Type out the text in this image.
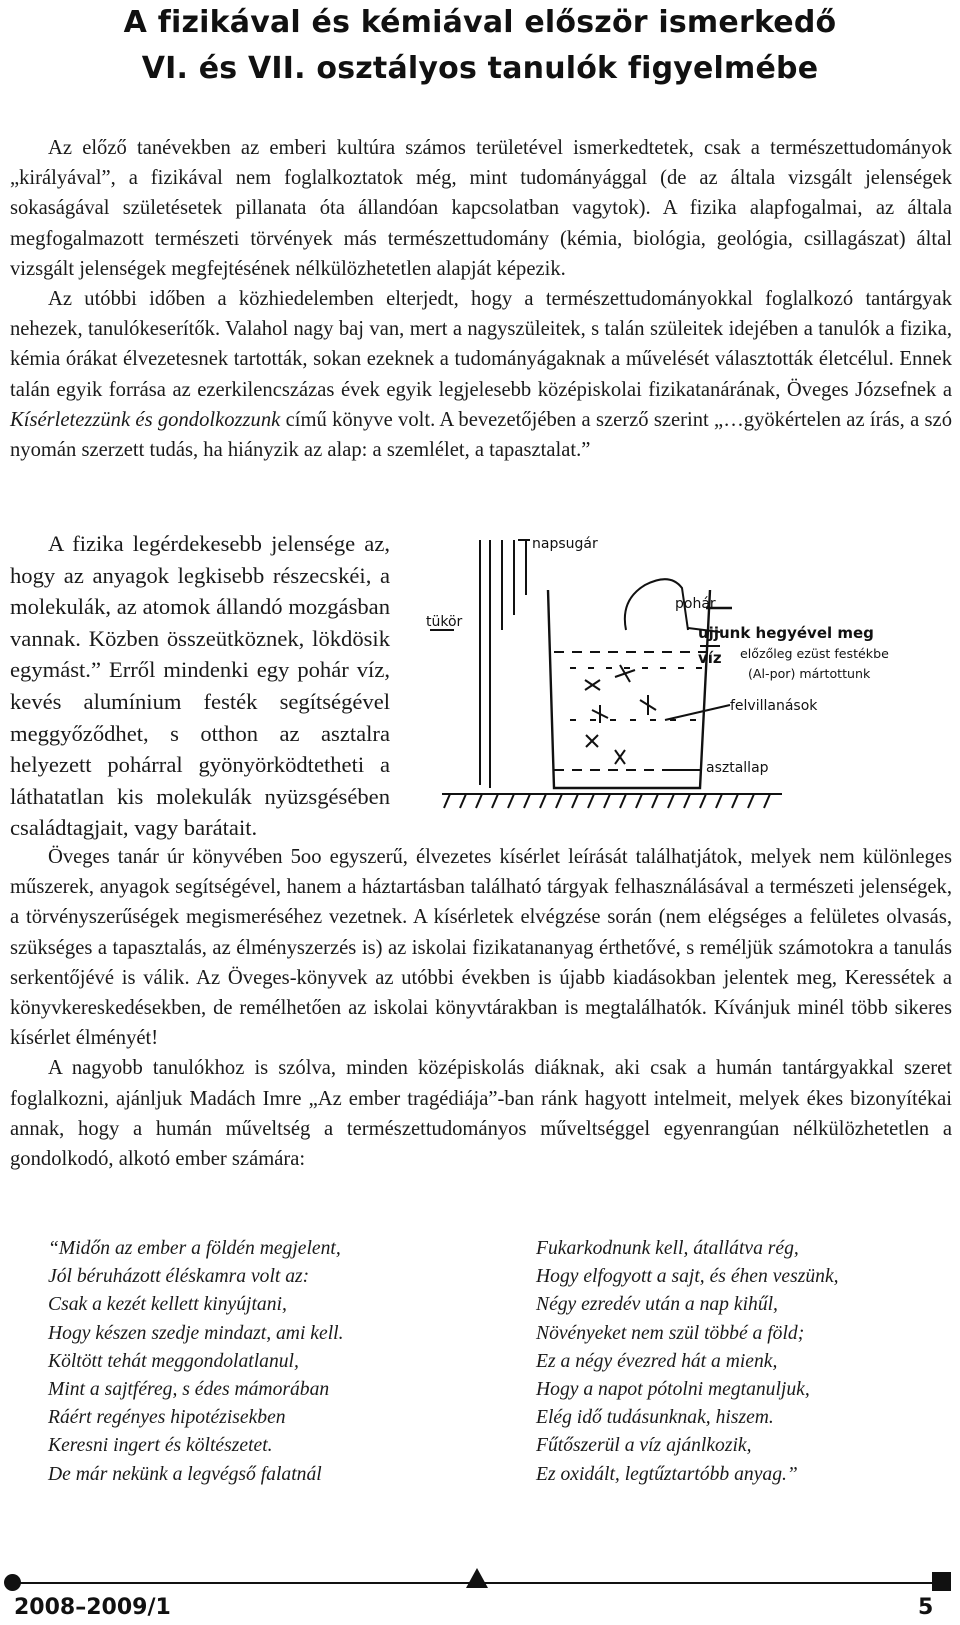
A fizikával és kémiával először ismerkedő
VI. és VII. osztályos tanulók figyelmébe

Az előző tanévekben az emberi kultúra számos területével ismerkedtetek, csak a természettudományok „királyával”, a fizikával nem foglalkoztatok még, mint tudományággal (de az általa vizsgált jelenségek sokaságával születésetek pillanata óta állandóan kapcsolatban vagytok). A fizika alapfogalmai, az általa megfogalmazott természeti törvények más természettudomány (kémia, biológia, geológia, csillagászat) által vizsgált jelenségek megfejtésének nélkülözhetetlen alapját képezik.

Az utóbbi időben a közhiedelemben elterjedt, hogy a természettudományokkal foglalkozó tantárgyak nehezek, tanulókeserítők. Valahol nagy baj van, mert a nagyszüleitek, s talán szüleitek idejében a tanulók a fizika, kémia órákat élvezetesnek tartották, sokan ezeknek a tudományágaknak a művelését választották életcélul. Ennek talán egyik forrása az ezerkilencszázas évek egyik legjelesebb középiskolai fizikatanárának, Öveges Józsefnek a Kísérletezzünk és gondolkozzunk című könyve volt. A bevezetőjében a szerző szerint „…gyökértelen az írás, a szó nyomán szerzett tudás, ha hiányzik az alap: a szemlélet, a tapasztalat.”

A fizika legérdekesebb jelensége az, hogy az anyagok legkisebb részecskéi, a molekulák, az atomok állandó mozgásban vannak. Közben összeütköznek, lökdösik egymást.” Erről mindenki egy pohár víz, kevés alumínium festék segítségével meggyőződhet, s otthon az asztalra helyezett pohárral gyönyörködtetheti a láthatatlan kis molekulák nyüzsgésében családtagjait, vagy barátait.

napsugár
pohár
tükör
ujjunk hegyével meg
víz előzőleg ezüst festékbe
(Al-por) mártottunk
felvillanások
asztallap

Öveges tanár úr könyvében 5oo egyszerű, élvezetes kísérlet leírását találhatjátok, melyek nem különleges műszerek, anyagok segítségével, hanem a háztartásban található tárgyak felhasználásával a természeti jelenségek, a törvényszerűségek megismeréséhez vezetnek. A kísérletek elvégzése során (nem elégséges a felületes olvasás, szükséges a tapasztalás, az élményszerzés is) az iskolai fizikatananyag érthetővé, s reméljük számotokra a tanulás serkentőjévé is válik. Az Öveges-könyvek az utóbbi években is újabb kiadásokban jelentek meg, Keressétek a könyvkereskedésekben, de remélhetően az iskolai könyvtárakban is megtalálhatók. Kívánjuk minél több sikeres kísérlet élményét!

A nagyobb tanulókhoz is szólva, minden középiskolás diáknak, aki csak a humán tantárgyakkal szeret foglalkozni, ajánljuk Madách Imre „Az ember tragédiája”-ban ránk hagyott intelmeit, melyek ékes bizonyítékai annak, hogy a humán műveltség a természettudományos műveltséggel egyenrangúan nélkülözhetetlen a gondolkodó, alkotó ember számára:

“Midőn az ember a földén megjelent,
Jól béruházott éléskamra volt az:
Csak a kezét kellett kinyújtani,
Hogy készen szedje mindazt, ami kell.
Költött tehát meggondolatlanul,
Mint a sajtféreg, s édes mámorában
Ráért regényes hipotézisekben
Keresni ingert és költészetet.
De már nekünk a legvégső falatnál
Fukarkodnunk kell, átallátva rég,
Hogy elfogyott a sajt, és éhen veszünk,
Négy ezredév után a nap kihűl,
Növényeket nem szül többé a föld;
Ez a négy évezred hát a mienk,
Hogy a napot pótolni megtanuljuk,
Elég idő tudásunknak, hiszem.
Fűtőszerül a víz ajánlkozik,
Ez oxidált, legtűztartóbb anyag.”
2008–2009/1	5
